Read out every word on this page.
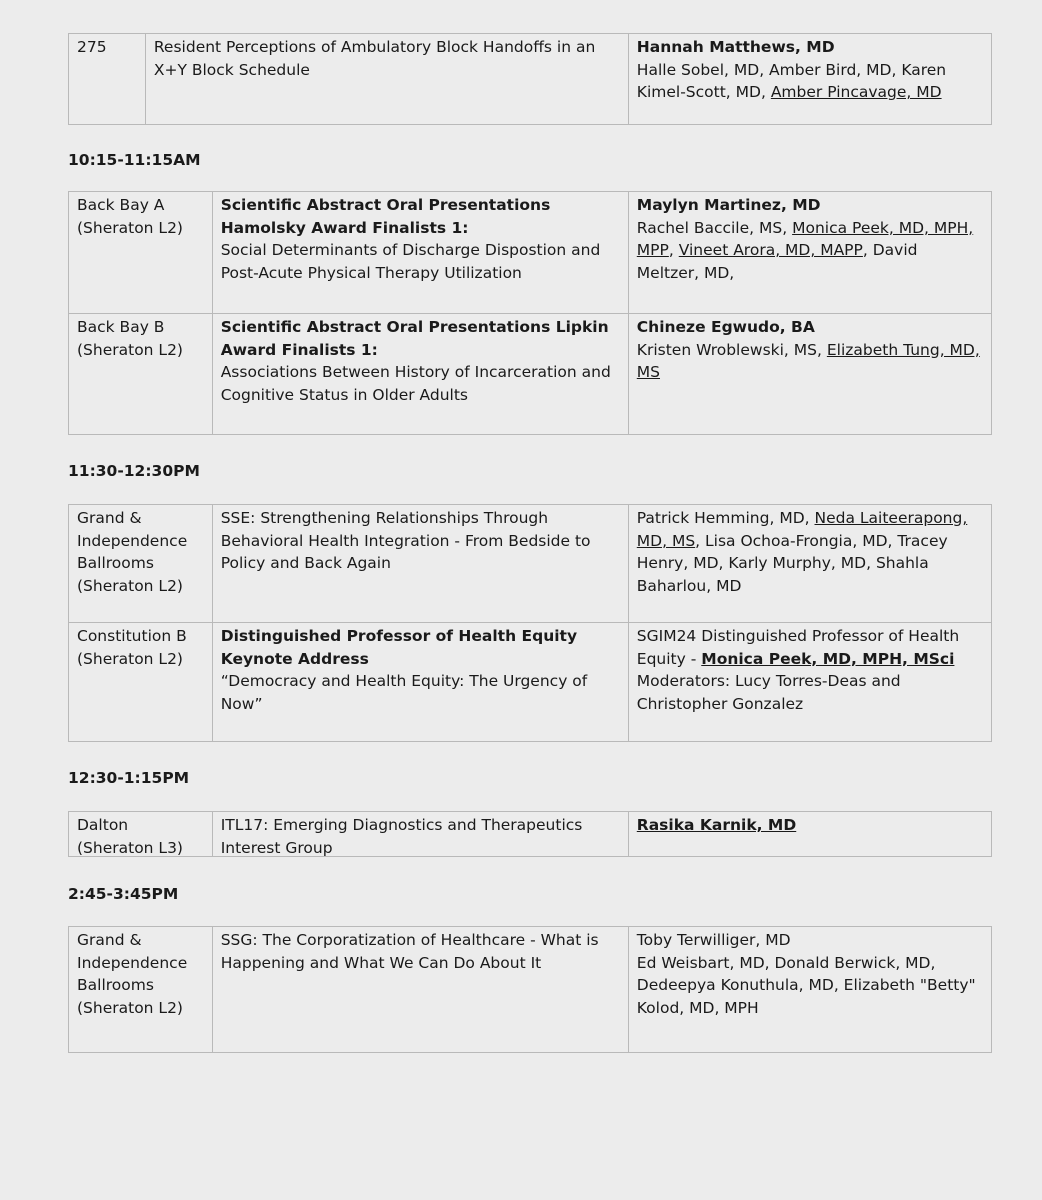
275	Resident Perceptions of Ambulatory Block Handoffs in an X+Y Block Schedule

Hannah Matthews, MD

Halle Sobel, MD, Amber Bird, MD, Karen Kimel-Scott, MD, Amber Pincavage, MD

10:15-11:15AM

Back Bay A

(Sheraton L2)

Scientific Abstract Oral Presentations Hamolsky Award Finalists 1:

Social Determinants of Discharge Dispostion and Post-Acute Physical Therapy Utilization

Maylyn Martinez, MD

Rachel Baccile, MS, Monica Peek, MD, MPH, MPP, Vineet Arora, MD, MAPP, David Meltzer, MD,

Back Bay B

(Sheraton L2)

Scientific Abstract Oral Presentations Lipkin Award Finalists 1:

Associations Between History of Incarceration and Cognitive Status in Older Adults

Chineze Egwudo, BA

Kristen Wroblewski, MS, Elizabeth Tung, MD, MS

11:30-12:30PM
Grand & Independence Ballrooms (Sheraton L2)
SSE: Strengthening Relationships Through Behavioral Health Integration - From Bedside to Policy and Back Again

Patrick Hemming, MD, Neda Laiteerapong, MD, MS, Lisa Ochoa-Frongia, MD, Tracey Henry, MD, Karly Murphy, MD, Shahla Baharlou, MD

Constitution B

(Sheraton L2)

Distinguished Professor of Health Equity Keynote Address

“Democracy and Health Equity: The Urgency of Now”

SGIM24 Distinguished Professor of Health Equity - Monica Peek, MD, MPH, MSci

Moderators: Lucy Torres-Deas and Christopher Gonzalez

12:30-1:15PM

Dalton

(Sheraton L3)

ITL17: Emerging Diagnostics and Therapeutics Interest Group

Rasika Karnik, MD

2:45-3:45PM
Grand & Independence Ballrooms (Sheraton L2)
SSG: The Corporatization of Healthcare - What is Happening and What We Can Do About It

Toby Terwilliger, MD

Ed Weisbart, MD, Donald Berwick, MD, Dedeepya Konuthula, MD, Elizabeth "Betty" Kolod, MD, MPH
